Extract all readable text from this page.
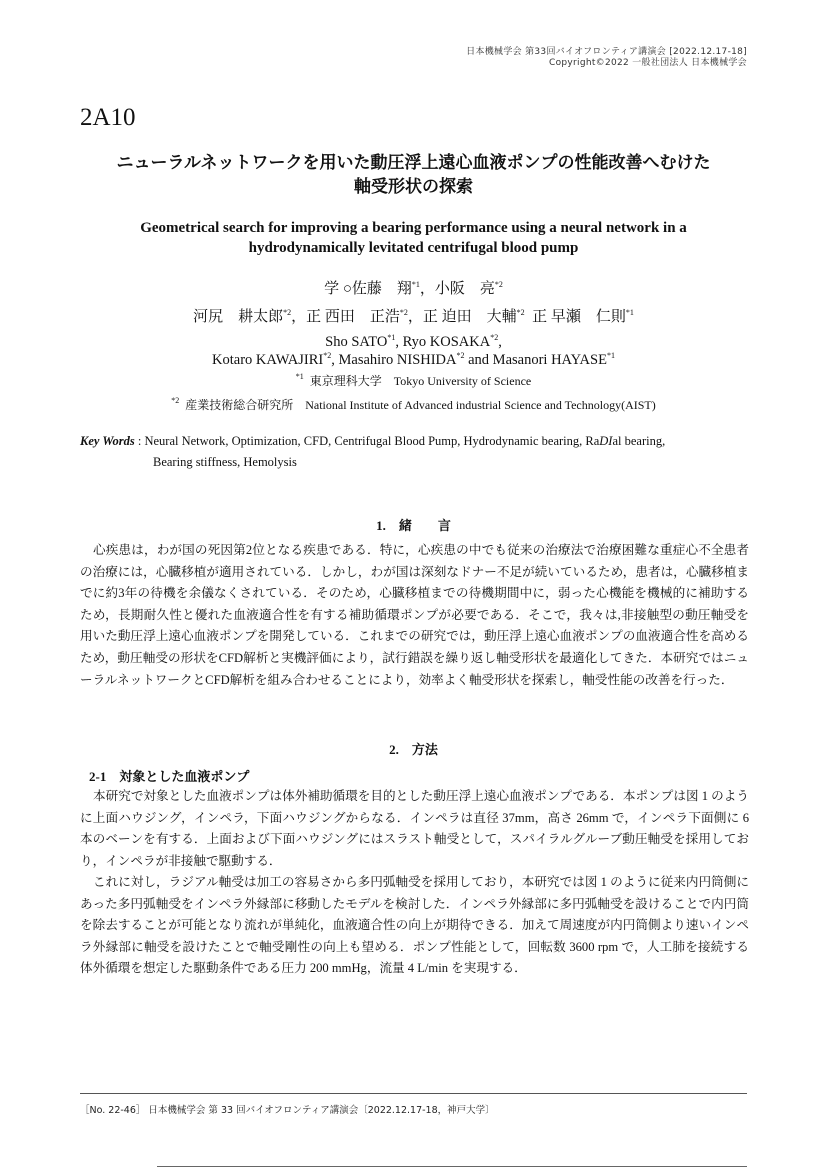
日本機械学会 第33回バイオフロンティア講演会 [2022.12.17-18]
Copyright©2022 一般社団法人 日本機械学会
2A10
ニューラルネットワークを用いた動圧浮上遠心血液ポンプの性能改善へむけた
軸受形状の探索
Geometrical search for improving a bearing performance using a neural network in a
hydrodynamically levitated centrifugal blood pump
学 ○佐藤　翔$^{*1}$，小阪　亮$^{*2}$
河尻　耕太郎$^{*2}$，正 西田　正浩$^{*2}$，正 迫田　大輔$^{*2}$  正 早瀬　仁則$^{*1}$
Sho SATO$^{*1}$, Ryo KOSAKA$^{*2}$,
Kotaro KAWAJIRI$^{*2}$, Masahiro NISHIDA$^{*2}$ and Masanori HAYASE$^{*1}$
$^{*1}$ 東京理科大学　Tokyo University of Science
$^{*2}$ 産業技術総合研究所　National Institute of Advanced industrial Science and Technology(AIST)
Key Words : Neural Network, Optimization, CFD, Centrifugal Blood Pump, Hydrodynamic bearing, RaDIal bearing,
Bearing stiffness, Hemolysis
1.　緒　　言
心疾患は，わが国の死因第2位となる疾患である．特に，心疾患の中でも従来の治療法で治療困難な重症心不全患者の治療には，心臓移植が適用されている．しかし，わが国は深刻なドナー不足が続いているため，患者は，心臓移植までに約3年の待機を余儀なくされている．そのため，心臓移植までの待機期間中に，弱った心機能を機械的に補助するため，長期耐久性と優れた血液適合性を有する補助循環ポンプが必要である．そこで，我々は,非接触型の動圧軸受を用いた動圧浮上遠心血液ポンプを開発している．これまでの研究では，動圧浮上遠心血液ポンプの血液適合性を高めるため，動圧軸受の形状をCFD解析と実機評価により，試行錯誤を繰り返し軸受形状を最適化してきた．本研究ではニューラルネットワークとCFD解析を組み合わせることにより，効率よく軸受形状を探索し，軸受性能の改善を行った．
2.　方法
2-1　対象とした血液ポンプ
本研究で対象とした血液ポンプは体外補助循環を目的とした動圧浮上遠心血液ポンプである．本ポンプは図 1 のように上面ハウジング，インペラ，下面ハウジングからなる．インペラは直径 37mm，高さ 26mm で，インペラ下面側に 6 本のベーンを有する．上面および下面ハウジングにはスラスト軸受として，スパイラルグルーブ動圧軸受を採用しており，インペラが非接触で駆動する．
これに対し，ラジアル軸受は加工の容易さから多円弧軸受を採用しており，本研究では図 1 のように従来内円筒側にあった多円弧軸受をインペラ外縁部に移動したモデルを検討した．インペラ外縁部に多円弧軸受を設けることで内円筒を除去することが可能となり流れが単純化，血液適合性の向上が期待できる．加えて周速度が内円筒側より速いインペラ外縁部に軸受を設けたことで軸受剛性の向上も望める．ポンプ性能として，回転数 3600 rpm で，人工肺を接続する体外循環を想定した駆動条件である圧力 200 mmHg，流量 4 L/min を実現する．
［No. 22-46］ 日本機械学会 第 33 回バイオフロンティア講演会〔2022.12.17-18，神戸大学〕
